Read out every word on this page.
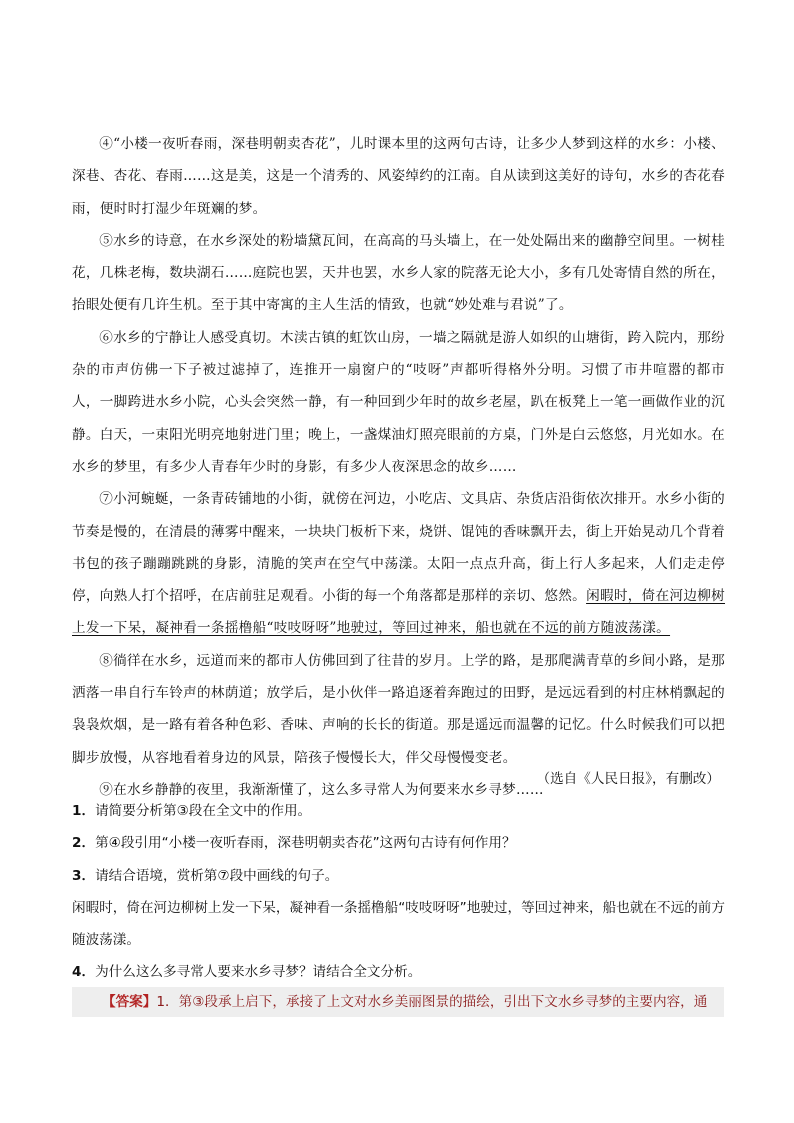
④“小楼一夜听春雨，深巷明朝卖杏花”，儿时课本里的这两句古诗，让多少人梦到这样的水乡：小楼、深巷、杏花、春雨……这是美，这是一个清秀的、风姿绰约的江南。自从读到这美好的诗句，水乡的杏花春雨，便时时打湿少年斑斓的梦。

⑤水乡的诗意，在水乡深处的粉墙黛瓦间，在高高的马头墙上，在一处处隔出来的幽静空间里。一树桂花，几株老梅，数块湖石……庭院也罢，天井也罢，水乡人家的院落无论大小，多有几处寄情自然的所在，抬眼处便有几许生机。至于其中寄寓的主人生活的情致，也就“妙处难与君说”了。

⑥水乡的宁静让人感受真切。木渎古镇的虹饮山房，一墙之隔就是游人如织的山塘街，跨入院内，那纷杂的市声仿佛一下子被过滤掉了，连推开一扇窗户的“吱呀”声都听得格外分明。习惯了市井喧嚣的都市人，一脚跨进水乡小院，心头会突然一静，有一种回到少年时的故乡老屋，趴在板凳上一笔一画做作业的沉静。白天，一束阳光明亮地射进门里；晚上，一盏煤油灯照亮眼前的方桌，门外是白云悠悠，月光如水。在水乡的梦里，有多少人青春年少时的身影，有多少人夜深思念的故乡……

⑦小河蜿蜒，一条青砖铺地的小街，就傍在河边，小吃店、文具店、杂货店沿街依次排开。水乡小街的节奏是慢的，在清晨的薄雾中醒来，一块块门板析下来，烧饼、馄饨的香味飘开去，街上开始晃动几个背着书包的孩子蹦蹦跳跳的身影，清脆的笑声在空气中荡漾。太阳一点点升高，街上行人多起来，人们走走停停，向熟人打个招呼，在店前驻足观看。小街的每一个角落都是那样的亲切、悠然。闲暇时，倚在河边柳树上发一下呆，凝神看一条摇橹船“吱吱呀呀”地驶过，等回过神来，船也就在不远的前方随波荡漾。

⑧徜徉在水乡，远道而来的都市人仿佛回到了往昔的岁月。上学的路，是那爬满青草的乡间小路，是那洒落一串自行车铃声的林荫道；放学后，是小伙伴一路追逐着奔跑过的田野，是远远看到的村庄林梢飘起的袅袅炊烟，是一路有着各种色彩、香味、声响的长长的街道。那是遥远而温馨的记忆。什么时候我们可以把脚步放慢，从容地看着身边的风景，陪孩子慢慢长大，伴父母慢慢变老。

⑨在水乡静静的夜里，我渐渐懂了，这么多寻常人为何要来水乡寻梦……

（选自《人民日报》，有删改）

1．请简要分析第③段在全文中的作用。

2．第④段引用“小楼一夜听春雨，深巷明朝卖杏花”这两句古诗有何作用？

3．请结合语境，赏析第⑦段中画线的句子。

闲暇时，倚在河边柳树上发一下呆，凝神看一条摇橹船“吱吱呀呀”地驶过，等回过神来，船也就在不远的前方随波荡漾。

4．为什么这么多寻常人要来水乡寻梦？请结合全文分析。

【答案】1．第③段承上启下，承接了上文对水乡美丽图景的描绘，引出下文水乡寻梦的主要内容，通
